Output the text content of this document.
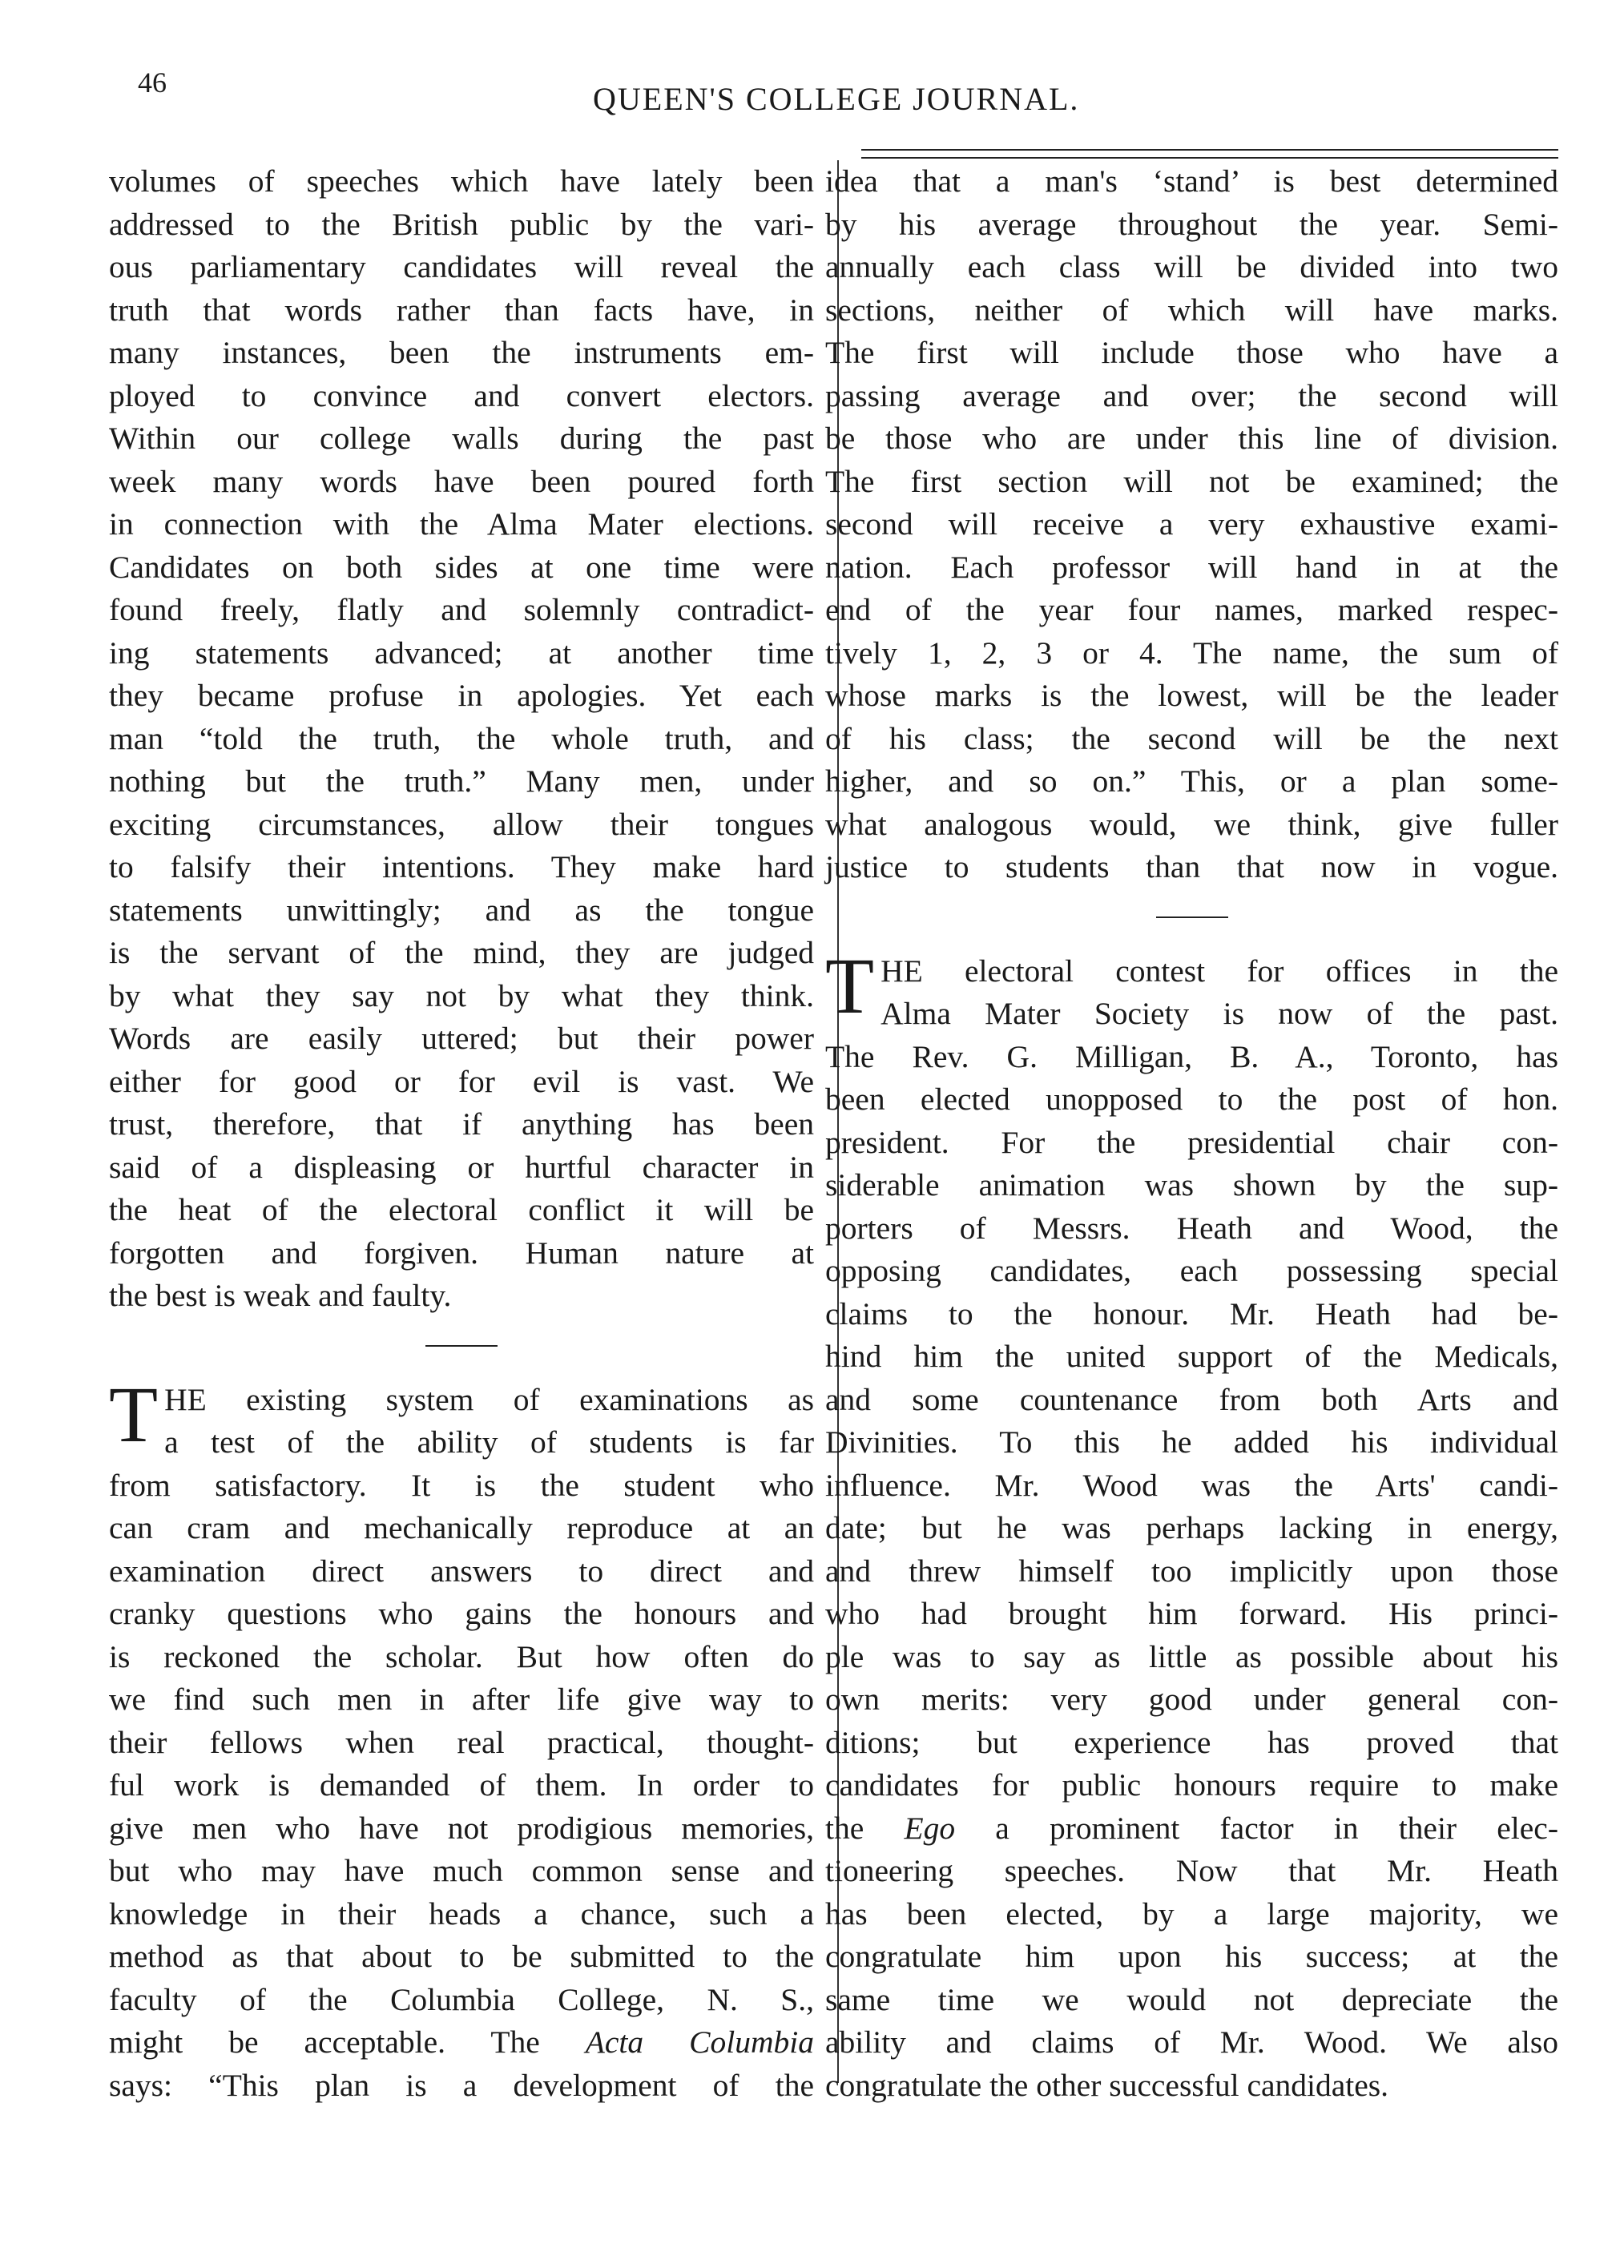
46	QUEEN'S COLLEGE JOURNAL.

volumes of speeches which have lately been
addressed to the British public by the vari-
ous parliamentary candidates will reveal the
truth that words rather than facts have, in
many instances, been the instruments em-
ployed to convince and convert electors.
Within our college walls during the past
week many words have been poured forth
in connection with the Alma Mater elections.
Candidates on both sides at one time were
found freely, flatly and solemnly contradict-
ing statements advanced; at another time
they became profuse in apologies. Yet each
man “told the truth, the whole truth, and
nothing but the truth.” Many men, under
exciting circumstances, allow their tongues
to falsify their intentions. They make hard
statements unwittingly; and as the tongue
is the servant of the mind, they are judged
by what they say not by what they think.
Words are easily uttered; but their power
either for good or for evil is vast. We
trust, therefore, that if anything has been
said of a displeasing or hurtful character in
the heat of the electoral conflict it will be
forgotten and forgiven. Human nature at
the best is weak and faulty.

T HE existing system of examinations as
a test of the ability of students is far
from satisfactory. It is the student who
can cram and mechanically reproduce at an
examination direct answers to direct and
cranky questions who gains the honours and
is reckoned the scholar. But how often do
we find such men in after life give way to
their fellows when real practical, thought-
ful work is demanded of them. In order to
give men who have not prodigious memories,
but who may have much common sense and
knowledge in their heads a chance, such a
method as that about to be submitted to the
faculty of the Columbia College, N. S.,
might be acceptable. The Acta Columbia
says: “This plan is a development of the

idea that a man's ‘stand’ is best determined
by his average throughout the year. Semi-
annually each class will be divided into two
sections, neither of which will have marks.
The first will include those who have a
passing average and over; the second will
be those who are under this line of division.
The first section will not be examined; the
second will receive a very exhaustive exami-
nation. Each professor will hand in at the
end of the year four names, marked respec-
tively 1, 2, 3 or 4. The name, the sum of
whose marks is the lowest, will be the leader
of his class; the second will be the next
higher, and so on.” This, or a plan some-
what analogous would, we think, give fuller
justice to students than that now in vogue.

T HE electoral contest for offices in the
Alma Mater Society is now of the past.
The Rev. G. Milligan, B. A., Toronto, has
been elected unopposed to the post of hon.
president. For the presidential chair con-
siderable animation was shown by the sup-
porters of Messrs. Heath and Wood, the
opposing candidates, each possessing special
claims to the honour. Mr. Heath had be-
hind him the united support of the Medicals,
and some countenance from both Arts and
Divinities. To this he added his individual
influence. Mr. Wood was the Arts' candi-
date; but he was perhaps lacking in energy,
and threw himself too implicitly upon those
who had brought him forward. His princi-
ple was to say as little as possible about his
own merits: very good under general con-
ditions; but experience has proved that
candidates for public honours require to make
the Ego a prominent factor in their elec-
tioneering speeches. Now that Mr. Heath
has been elected, by a large majority, we
congratulate him upon his success; at the
same time we would not depreciate the
ability and claims of Mr. Wood. We also
congratulate the other successful candidates.
